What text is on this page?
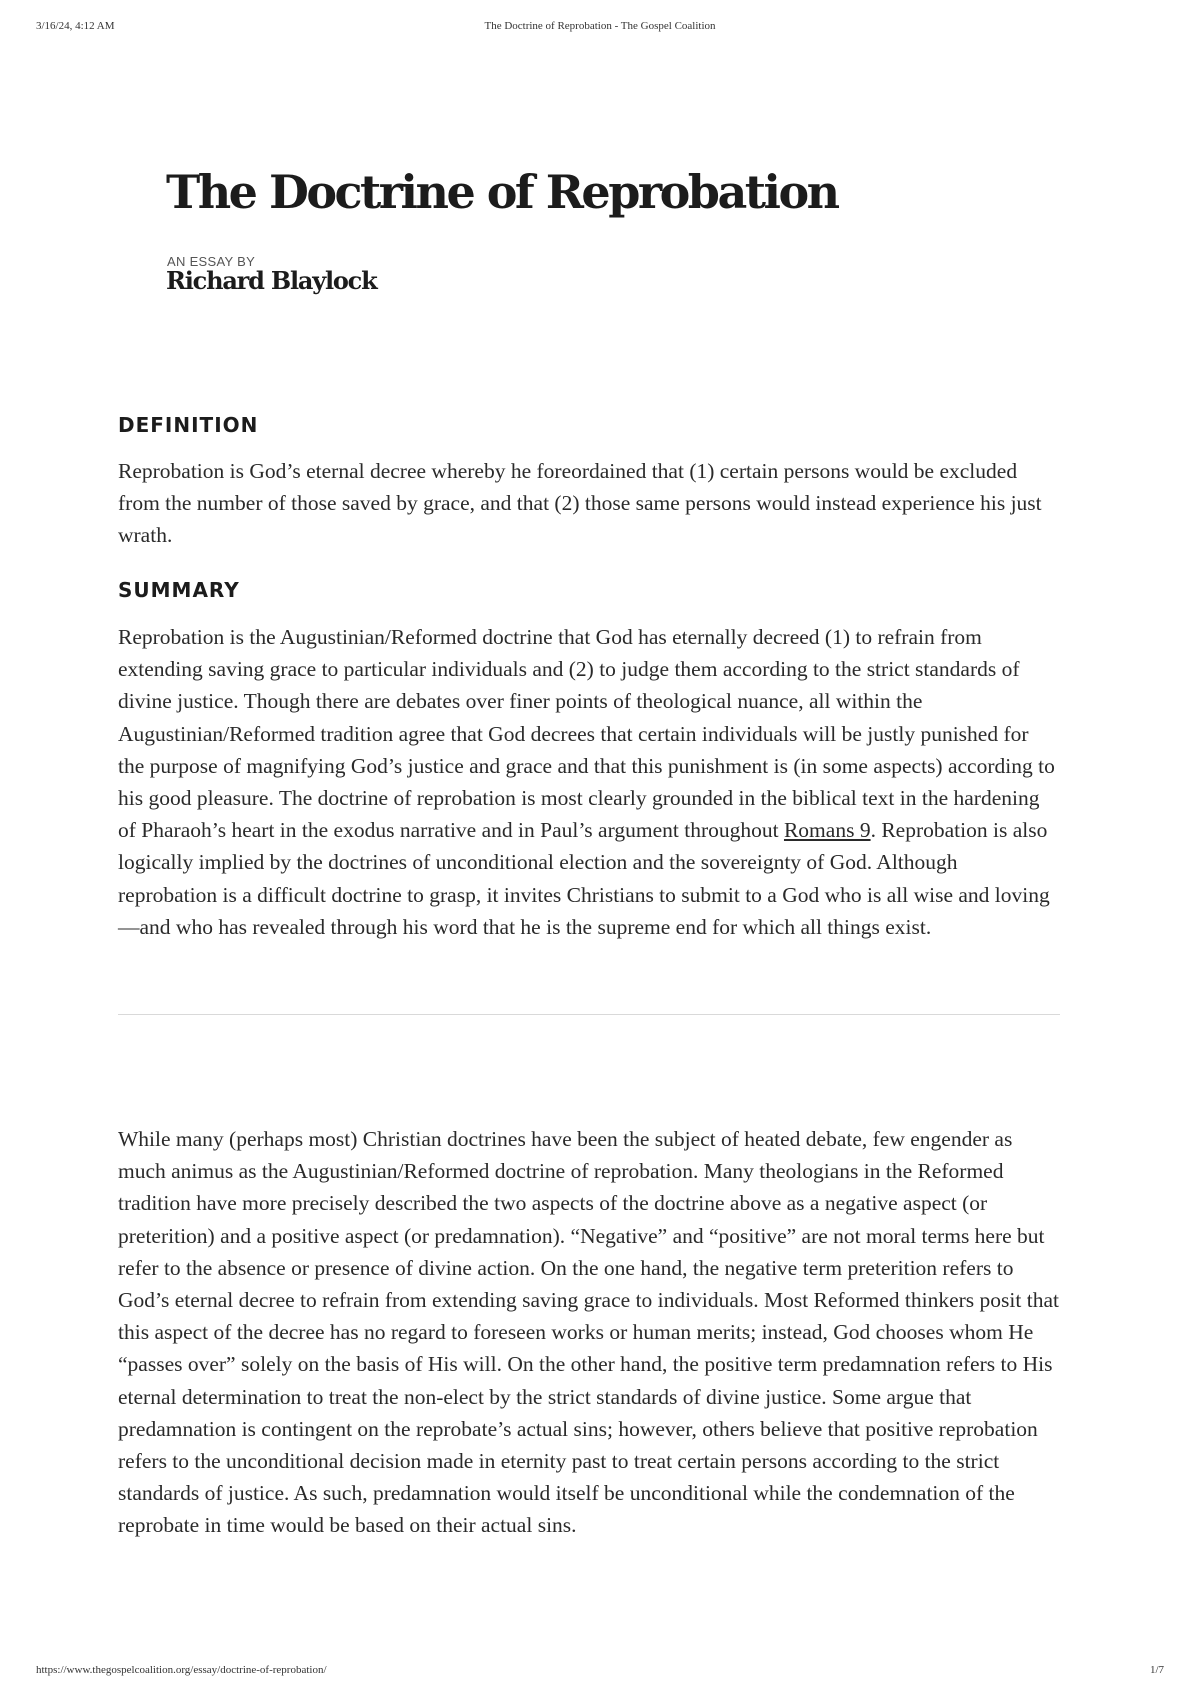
3/16/24, 4:12 AM	The Doctrine of Reprobation - The Gospel Coalition
The Doctrine of Reprobation
AN ESSAY BY
Richard Blaylock
DEFINITION

Reprobation is God’s eternal decree whereby he foreordained that (1) certain persons would be excluded from the number of those saved by grace, and that (2) those same persons would instead experience his just wrath.

SUMMARY

Reprobation is the Augustinian/Reformed doctrine that God has eternally decreed (1) to refrain from extending saving grace to particular individuals and (2) to judge them according to the strict standards of divine justice. Though there are debates over finer points of theological nuance, all within the Augustinian/Reformed tradition agree that God decrees that certain individuals will be justly punished for the purpose of magnifying God’s justice and grace and that this punishment is (in some aspects) according to his good pleasure. The doctrine of reprobation is most clearly grounded in the biblical text in the hardening of Pharaoh’s heart in the exodus narrative and in Paul’s argument throughout Romans 9. Reprobation is also logically implied by the doctrines of unconditional election and the sovereignty of God. Although reprobation is a difficult doctrine to grasp, it invites Christians to submit to a God who is all wise and loving—and who has revealed through his word that he is the supreme end for which all things exist.

While many (perhaps most) Christian doctrines have been the subject of heated debate, few engender as much animus as the Augustinian/Reformed doctrine of reprobation. Many theologians in the Reformed tradition have more precisely described the two aspects of the doctrine above as a negative aspect (or preterition) and a positive aspect (or predamnation). “Negative” and “positive” are not moral terms here but refer to the absence or presence of divine action. On the one hand, the negative term preterition refers to God’s eternal decree to refrain from extending saving grace to individuals. Most Reformed thinkers posit that this aspect of the decree has no regard to foreseen works or human merits; instead, God chooses whom He “passes over” solely on the basis of His will. On the other hand, the positive term predamnation refers to His eternal determination to treat the non-elect by the strict standards of divine justice. Some argue that predamnation is contingent on the reprobate’s actual sins; however, others believe that positive reprobation refers to the unconditional decision made in eternity past to treat certain persons according to the strict standards of justice. As such, predamnation would itself be unconditional while the condemnation of the reprobate in time would be based on their actual sins.

https://www.thegospelcoalition.org/essay/doctrine-of-reprobation/	1/7
